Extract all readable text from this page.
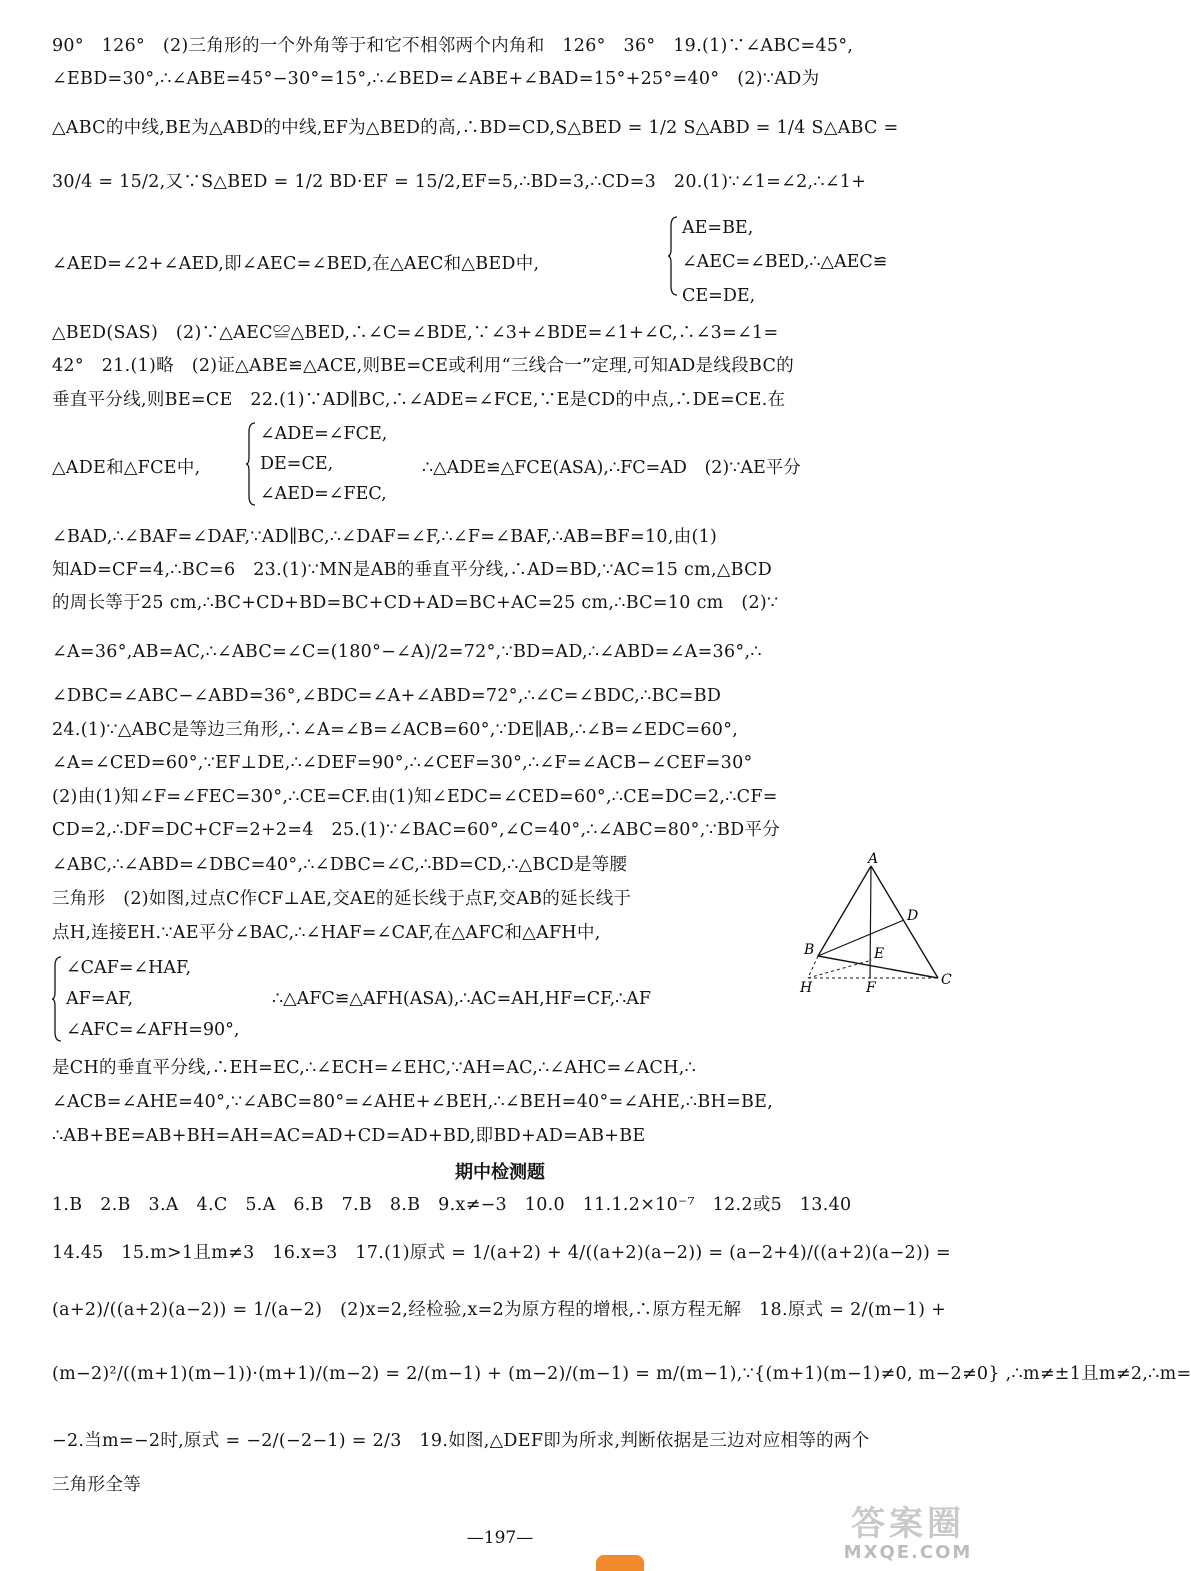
90°　126°　(2)三角形的一个外角等于和它不相邻两个内角和　126°　36°　19.(1)∵∠ABC=45°,
∠EBD=30°,∴∠ABE=45°−30°=15°,∴∠BED=∠ABE+∠BAD=15°+25°=40°　(2)∵AD为
△ABC的中线,BE为△ABD的中线,EF为△BED的高,∴BD=CD,S△BED = 1/2 S△ABD = 1/4 S△ABC =
30/4 = 15/2,又∵S△BED = 1/2 BD·EF = 15/2,EF=5,∴BD=3,∴CD=3　20.(1)∵∠1=∠2,∴∠1+
∠AED=∠2+∠AED,即∠AEC=∠BED,在△AEC和△BED中,
AE=BE,
∠AEC=∠BED,∴△AEC≌
CE=DE,
△BED(SAS)　(2)∵△AEC≌△BED,∴∠C=∠BDE,∵∠3+∠BDE=∠1+∠C,∴∠3=∠1=
42°　21.(1)略　(2)证△ABE≌△ACE,则BE=CE或利用“三线合一”定理,可知AD是线段BC的
垂直平分线,则BE=CE　22.(1)∵AD∥BC,∴∠ADE=∠FCE,∵E是CD的中点,∴DE=CE.在
△ADE和△FCE中,
∠ADE=∠FCE,
DE=CE,
∠AED=∠FEC,
∴△ADE≌△FCE(ASA),∴FC=AD　(2)∵AE平分
∠BAD,∴∠BAF=∠DAF,∵AD∥BC,∴∠DAF=∠F,∴∠F=∠BAF,∴AB=BF=10,由(1)
知AD=CF=4,∴BC=6　23.(1)∵MN是AB的垂直平分线,∴AD=BD,∵AC=15 cm,△BCD
的周长等于25 cm,∴BC+CD+BD=BC+CD+AD=BC+AC=25 cm,∴BC=10 cm　(2)∵
∠A=36°,AB=AC,∴∠ABC=∠C=(180°−∠A)/2=72°,∵BD=AD,∴∠ABD=∠A=36°,∴
∠DBC=∠ABC−∠ABD=36°,∠BDC=∠A+∠ABD=72°,∴∠C=∠BDC,∴BC=BD
24.(1)∵△ABC是等边三角形,∴∠A=∠B=∠ACB=60°,∵DE∥AB,∴∠B=∠EDC=60°,
∠A=∠CED=60°,∵EF⊥DE,∴∠DEF=90°,∴∠CEF=30°,∴∠F=∠ACB−∠CEF=30°
(2)由(1)知∠F=∠FEC=30°,∴CE=CF.由(1)知∠EDC=∠CED=60°,∴CE=DC=2,∴CF=
CD=2,∴DF=DC+CF=2+2=4　25.(1)∵∠BAC=60°,∠C=40°,∴∠ABC=80°,∵BD平分
∠ABC,∴∠ABD=∠DBC=40°,∴∠DBC=∠C,∴BD=CD,∴△BCD是等腰
三角形　(2)如图,过点C作CF⊥AE,交AE的延长线于点F,交AB的延长线于
点H,连接EH.∵AE平分∠BAC,∴∠HAF=∠CAF,在△AFC和△AFH中,
∠CAF=∠HAF,
AF=AF,
∠AFC=∠AFH=90°,
∴△AFC≌△AFH(ASA),∴AC=AH,HF=CF,∴AF
A
D
B	E
C
H	F
是CH的垂直平分线,∴EH=EC,∴∠ECH=∠EHC,∵AH=AC,∴∠AHC=∠ACH,∴
∠ACB=∠AHE=40°,∵∠ABC=80°=∠AHE+∠BEH,∴∠BEH=40°=∠AHE,∴BH=BE,
∴AB+BE=AB+BH=AH=AC=AD+CD=AD+BD,即BD+AD=AB+BE
期中检测题
1.B　2.B　3.A　4.C　5.A　6.B　7.B　8.B　9.x≠−3　10.0　11.1.2×10⁻⁷　12.2或5　13.40
14.45　15.m>1且m≠3　16.x=3　17.(1)原式 = 1/(a+2) + 4/((a+2)(a−2)) = (a−2+4)/((a+2)(a−2)) =
(a+2)/((a+2)(a−2)) = 1/(a−2)　(2)x=2,经检验,x=2为原方程的增根,∴原方程无解　18.原式 = 2/(m−1) +
(m−2)²/((m+1)(m−1))·(m+1)/(m−2) = 2/(m−1) + (m−2)/(m−1) = m/(m−1),∵{(m+1)(m−1)≠0, m−2≠0} ,∴m≠±1且m≠2,∴m=
−2.当m=−2时,原式 = −2/(−2−1) = 2/3　19.如图,△DEF即为所求,判断依据是三边对应相等的两个
三角形全等
—197—	答案圈
MXQE.COM
